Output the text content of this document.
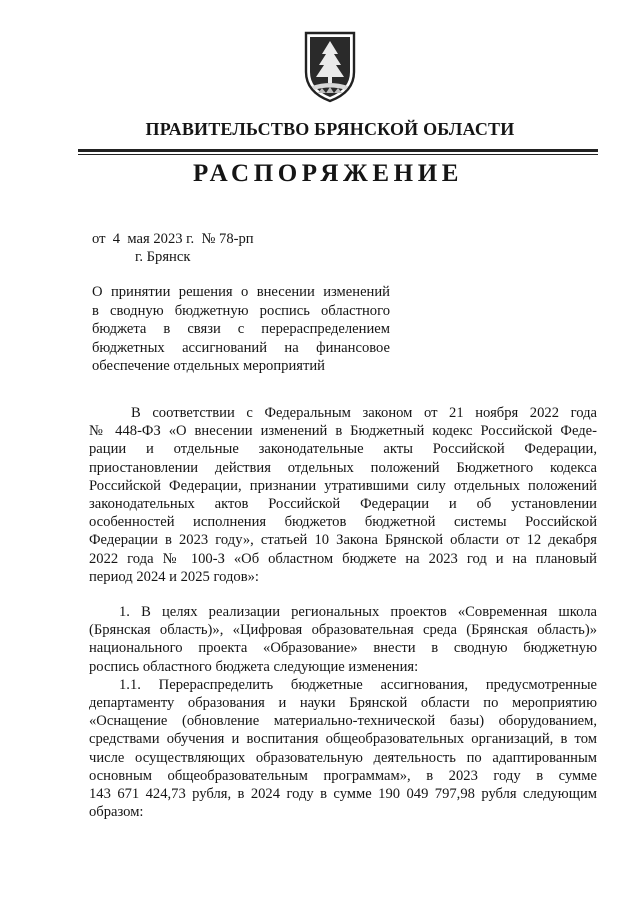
ПРАВИТЕЛЬСТВО БРЯНСКОЙ ОБЛАСТИ
РАСПОРЯЖЕНИЕ
от  4  мая 2023 г.  № 78-рп
г. Брянск
О принятии решения о внесении изменений
в сводную бюджетную роспись областного
бюджета в связи с перераспределением
бюджетных ассигнований на финансовое
обеспечение отдельных мероприятий
В соответствии с Федеральным законом от 21 ноября 2022 года
№ 448-ФЗ «О внесении изменений в Бюджетный кодекс Российской Феде-
рации и отдельные законодательные акты Российской Федерации,
приостановлении действия отдельных положений Бюджетного кодекса
Российской Федерации, признании утратившими силу отдельных положений
законодательных актов Российской Федерации и об установлении
особенностей исполнения бюджетов бюджетной системы Российской
Федерации в 2023 году», статьей 10 Закона Брянской области от 12 декабря
2022 года № 100-З «Об областном бюджете на 2023 год и на плановый
период 2024 и 2025 годов»:
1. В целях реализации региональных проектов «Современная школа
(Брянская область)», «Цифровая образовательная среда (Брянская область)»
национального проекта «Образование» внести в сводную бюджетную
роспись областного бюджета следующие изменения:
1.1. Перераспределить бюджетные ассигнования, предусмотренные
департаменту образования и науки Брянской области по мероприятию
«Оснащение (обновление материально-технической базы) оборудованием,
средствами обучения и воспитания общеобразовательных организаций, в том
числе осуществляющих образовательную деятельность по адаптированным
основным общеобразовательным программам», в 2023 году в сумме
143 671 424,73 рубля, в 2024 году в сумме 190 049 797,98 рубля следующим
образом:
